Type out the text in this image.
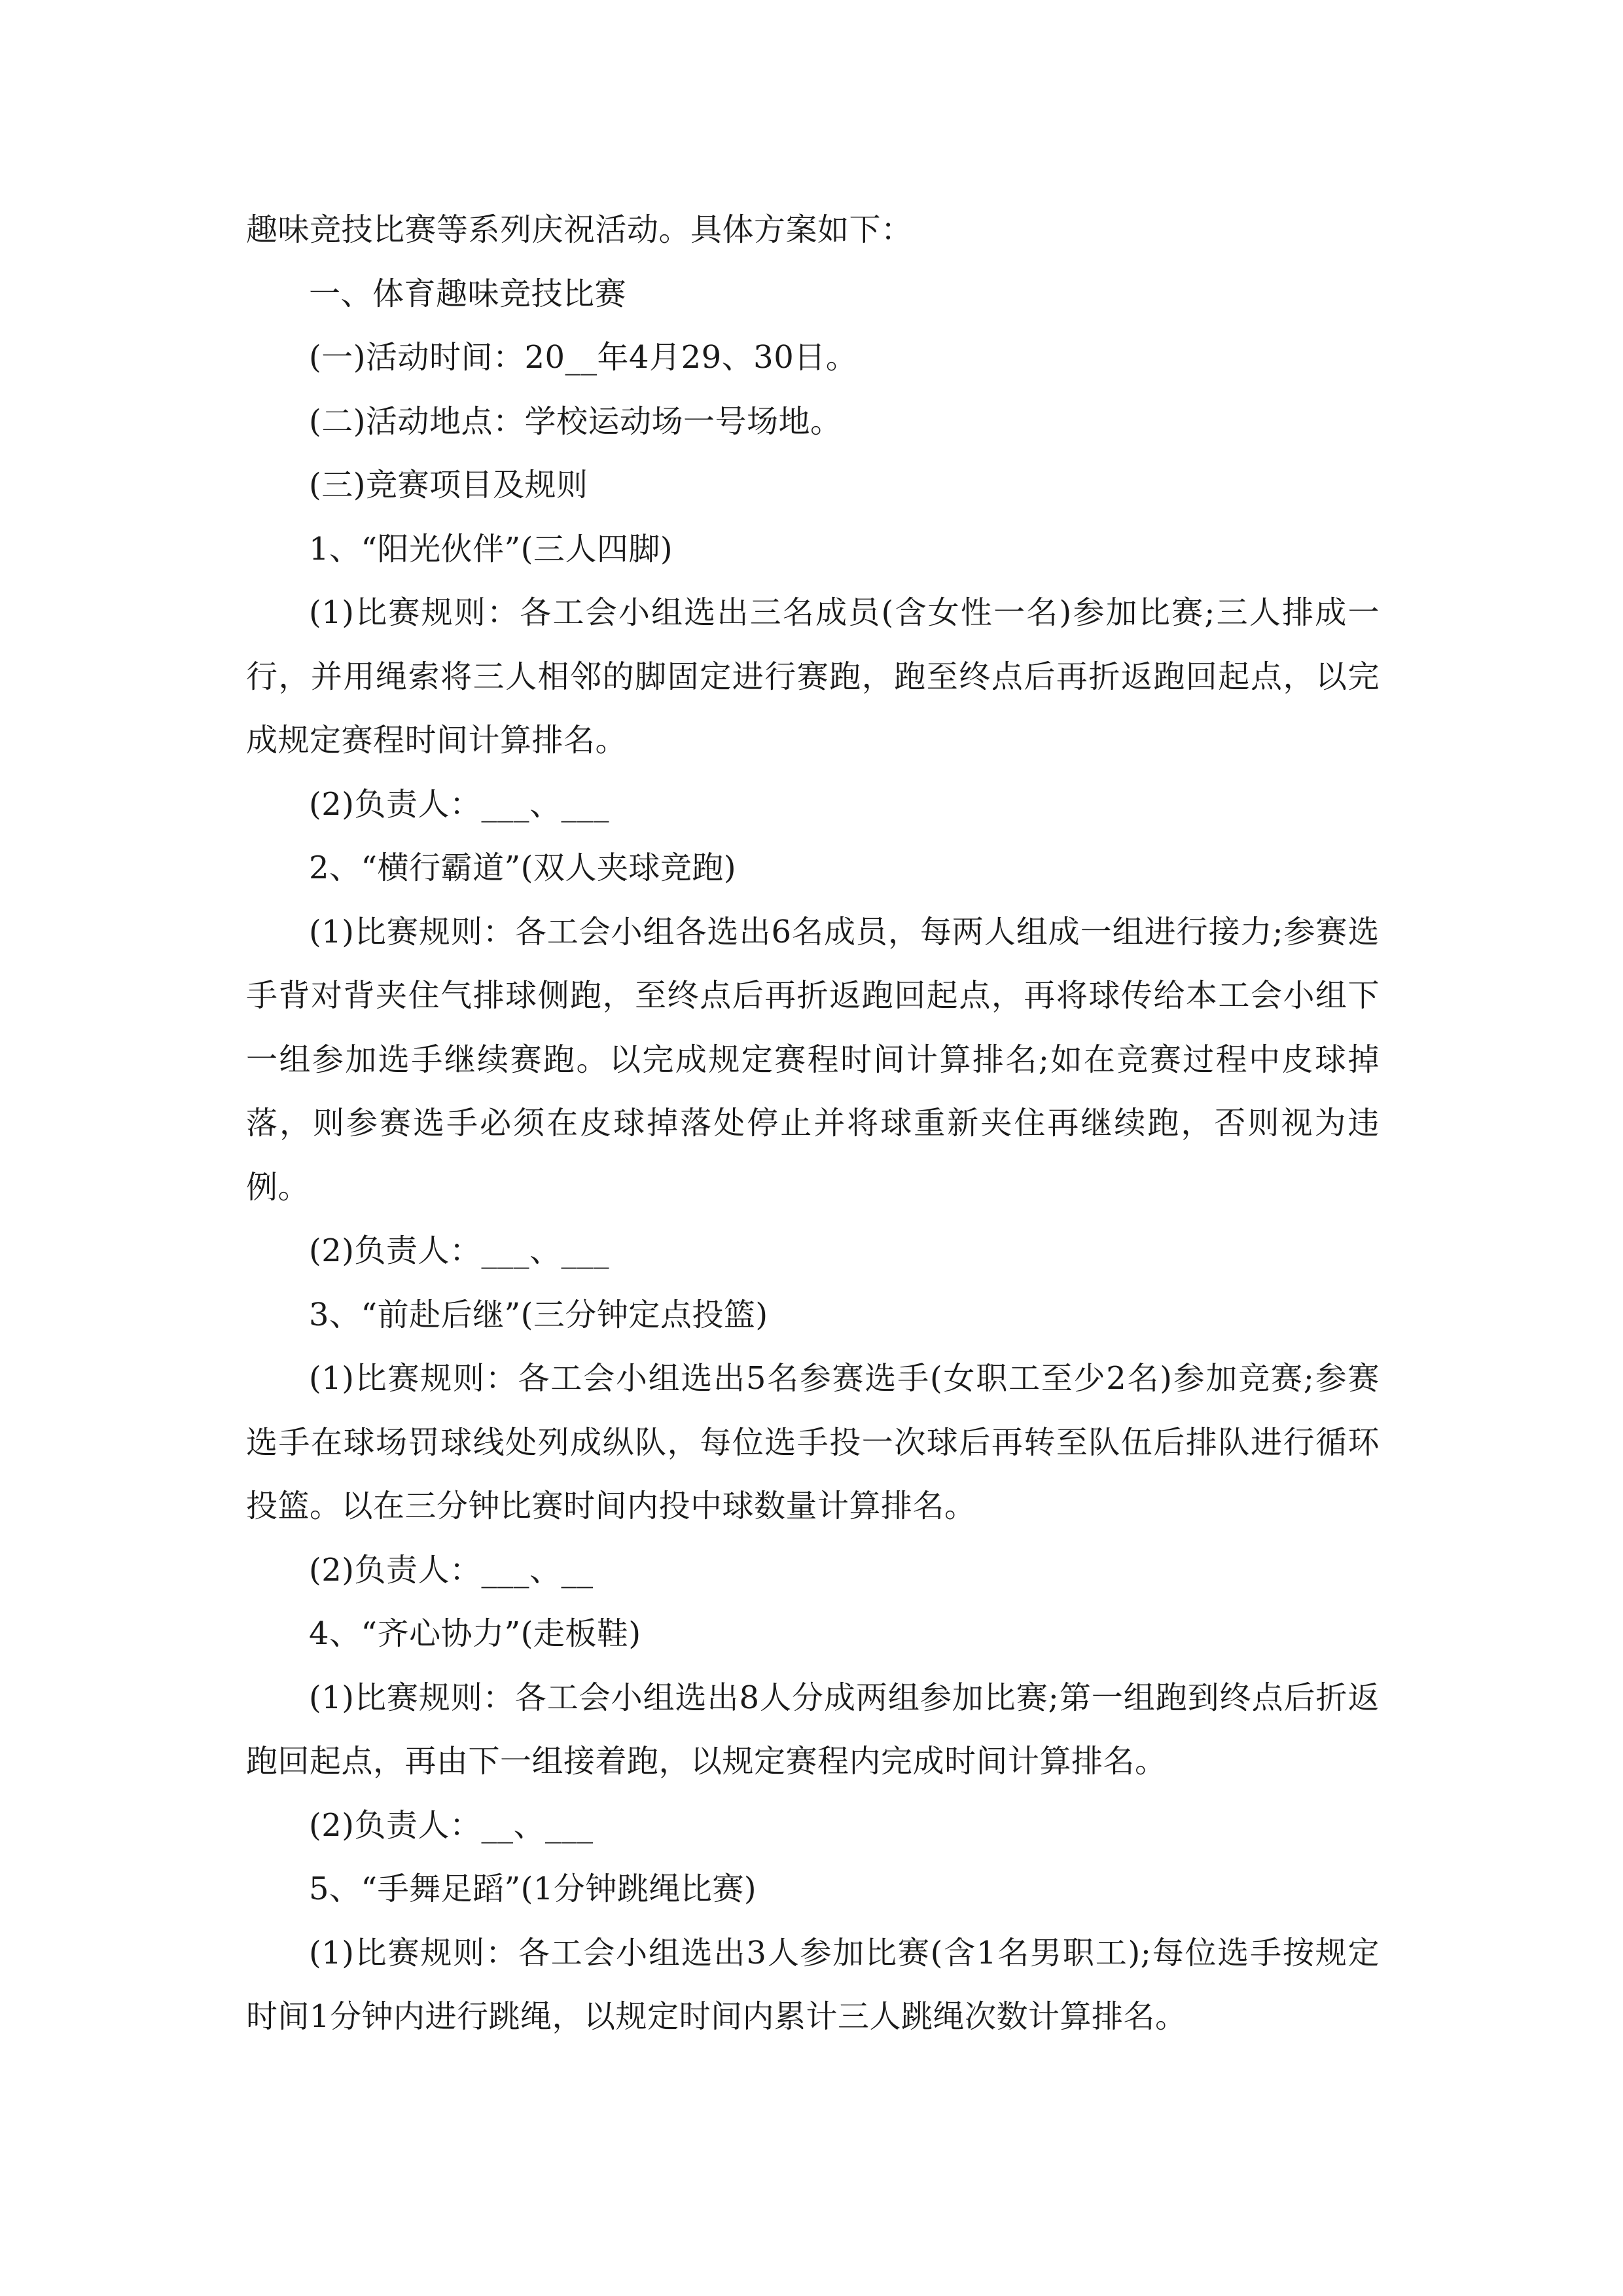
趣味竞技比赛等系列庆祝活动。具体方案如下：

一、体育趣味竞技比赛

(一)活动时间：20__年4月29、30日。

(二)活动地点：学校运动场一号场地。

(三)竞赛项目及规则

1、“阳光伙伴”(三人四脚)

(1)比赛规则：各工会小组选出三名成员(含女性一名)参加比赛;三人排成一行，并用绳索将三人相邻的脚固定进行赛跑，跑至终点后再折返跑回起点，以完成规定赛程时间计算排名。

(2)负责人：___、___

2、“横行霸道”(双人夹球竞跑)

(1)比赛规则：各工会小组各选出6名成员，每两人组成一组进行接力;参赛选手背对背夹住气排球侧跑，至终点后再折返跑回起点，再将球传给本工会小组下一组参加选手继续赛跑。以完成规定赛程时间计算排名;如在竞赛过程中皮球掉落，则参赛选手必须在皮球掉落处停止并将球重新夹住再继续跑，否则视为违例。

(2)负责人：___、___

3、“前赴后继”(三分钟定点投篮)

(1)比赛规则：各工会小组选出5名参赛选手(女职工至少2名)参加竞赛;参赛选手在球场罚球线处列成纵队，每位选手投一次球后再转至队伍后排队进行循环投篮。以在三分钟比赛时间内投中球数量计算排名。

(2)负责人：___、__

4、“齐心协力”(走板鞋)

(1)比赛规则：各工会小组选出8人分成两组参加比赛;第一组跑到终点后折返跑回起点，再由下一组接着跑，以规定赛程内完成时间计算排名。

(2)负责人：__、___

5、“手舞足蹈”(1分钟跳绳比赛)

(1)比赛规则：各工会小组选出3人参加比赛(含1名男职工);每位选手按规定时间1分钟内进行跳绳，以规定时间内累计三人跳绳次数计算排名。
